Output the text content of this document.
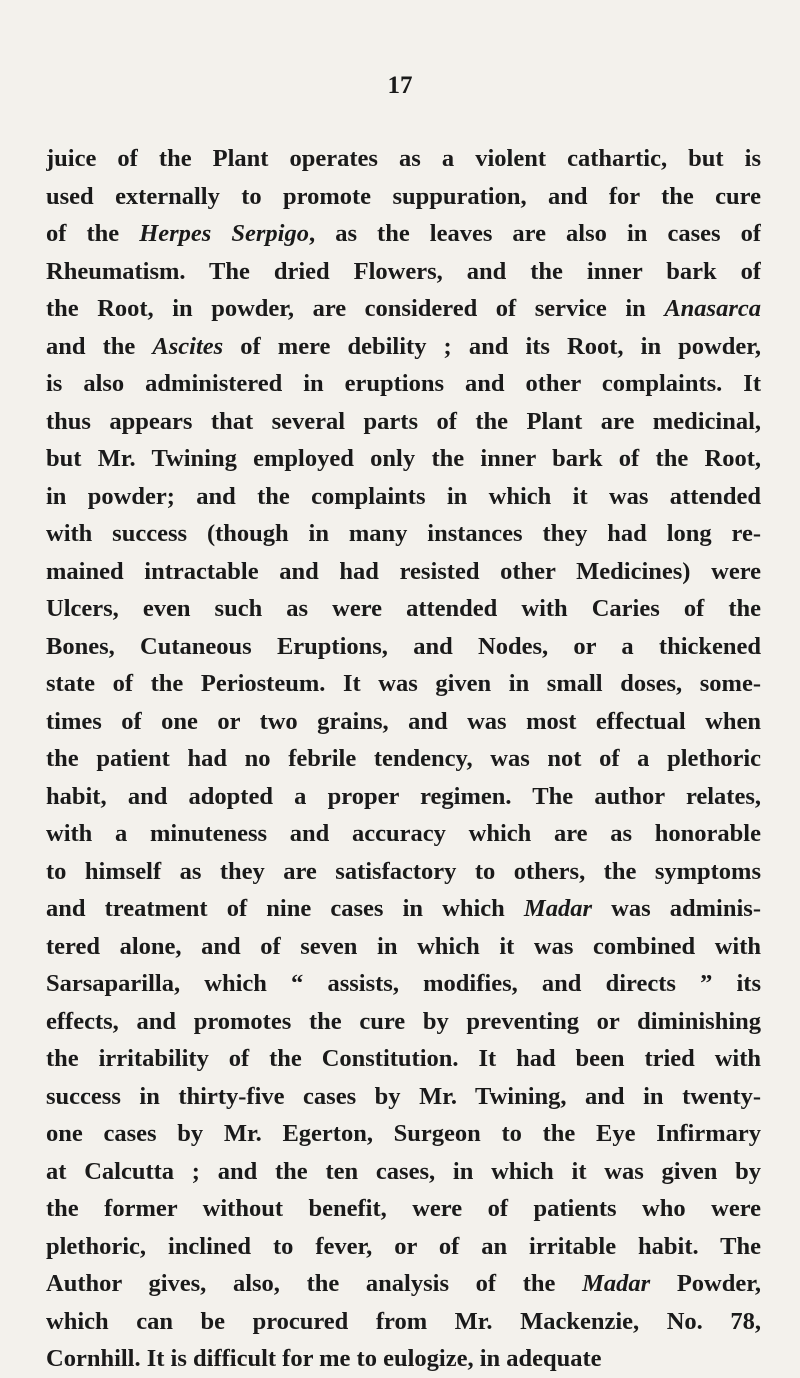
17
juice of the Plant operates as a violent cathartic, but is
used externally to promote suppuration, and for the cure
of the Herpes Serpigo, as the leaves are also in cases of
Rheumatism. The dried Flowers, and the inner bark of
the Root, in powder, are considered of service in Anasarca
and the Ascites of mere debility ; and its Root, in powder,
is also administered in eruptions and other complaints. It
thus appears that several parts of the Plant are medicinal,
but Mr. Twining employed only the inner bark of the Root,
in powder; and the complaints in which it was attended
with success (though in many instances they had long re-
mained intractable and had resisted other Medicines) were
Ulcers, even such as were attended with Caries of the
Bones, Cutaneous Eruptions, and Nodes, or a thickened
state of the Periosteum. It was given in small doses, some-
times of one or two grains, and was most effectual when
the patient had no febrile tendency, was not of a plethoric
habit, and adopted a proper regimen. The author relates,
with a minuteness and accuracy which are as honorable
to himself as they are satisfactory to others, the symptoms
and treatment of nine cases in which Madar was adminis-
tered alone, and of seven in which it was combined with
Sarsaparilla, which “ assists, modifies, and directs ” its
effects, and promotes the cure by preventing or diminishing
the irritability of the Constitution. It had been tried with
success in thirty-five cases by Mr. Twining, and in twenty-
one cases by Mr. Egerton, Surgeon to the Eye Infirmary
at Calcutta ; and the ten cases, in which it was given by
the former without benefit, were of patients who were
plethoric, inclined to fever, or of an irritable habit. The
Author gives, also, the analysis of the Madar Powder,
which can be procured from Mr. Mackenzie, No. 78,
Cornhill. It is difficult for me to eulogize, in adequate
